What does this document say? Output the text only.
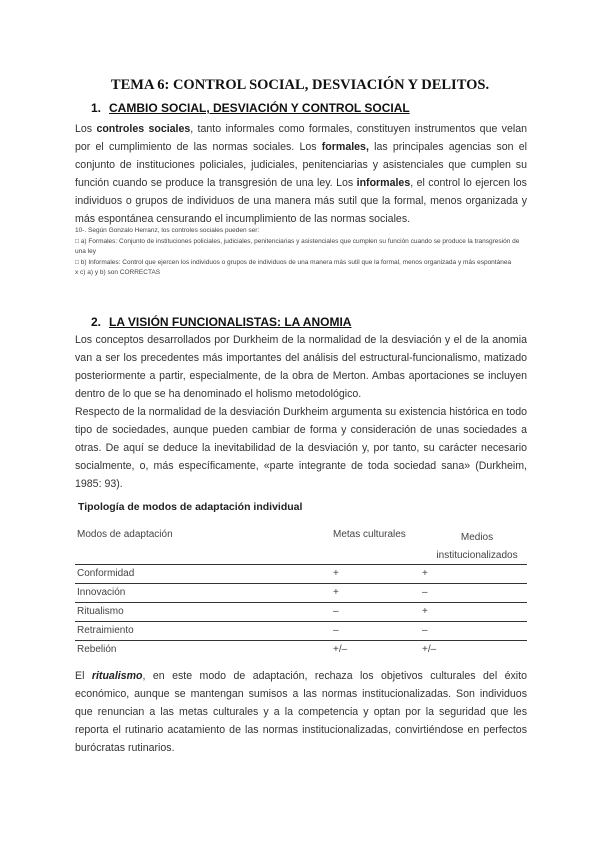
TEMA 6: CONTROL SOCIAL, DESVIACIÓN Y DELITOS.
1. CAMBIO SOCIAL, DESVIACIÓN Y CONTROL SOCIAL
Los controles sociales, tanto informales como formales, constituyen instrumentos que velan por el cumplimiento de las normas sociales. Los formales, las principales agencias son el conjunto de instituciones policiales, judiciales, penitenciarias y asistenciales que cumplen su función cuando se produce la transgresión de una ley. Los informales, el control lo ejercen los individuos o grupos de individuos de una manera más sutil que la formal, menos organizada y más espontánea censurando el incumplimiento de las normas sociales.
10-. Según Gonzalo Herranz, los controles sociales pueden ser:
□ a) Formales: Conjunto de instituciones policiales, judiciales, penitenciarias y asistenciales que cumplen su función cuando se produce la transgresión de una ley
□ b) Informales: Control que ejercen los individuos o grupos de individuos de una manera más sutil que la formal, menos organizada y más espontánea
x c) a) y b) son CORRECTAS
2. LA VISIÓN FUNCIONALISTAS: LA ANOMIA
Los conceptos desarrollados por Durkheim de la normalidad de la desviación y el de la anomia van a ser los precedentes más importantes del análisis del estructural-funcionalismo, matizado posteriormente a partir, especialmente, de la obra de Merton. Ambas aportaciones se incluyen dentro de lo que se ha denominado el holismo metodológico.
Respecto de la normalidad de la desviación Durkheim argumenta su existencia histórica en todo tipo de sociedades, aunque pueden cambiar de forma y consideración de unas sociedades a otras. De aquí se deduce la inevitabilidad de la desviación y, por tanto, su carácter necesario socialmente, o, más específicamente, «parte integrante de toda sociedad sana» (Durkheim, 1985: 93).
Tipología de modos de adaptación individual
Modos de adaptación	Metas culturales	Medios institucionalizados
Conformidad	+	+
Innovación	+	–
Ritualismo	–	+
Retraimiento	–	–
Rebelión	+/–	+/–
El ritualismo, en este modo de adaptación, rechaza los objetivos culturales del éxito económico, aunque se mantengan sumisos a las normas institucionalizadas. Son individuos que renuncian a las metas culturales y a la competencia y optan por la seguridad que les reporta el rutinario acatamiento de las normas institucionalizadas, convirtiéndose en perfectos burócratas rutinarios.
